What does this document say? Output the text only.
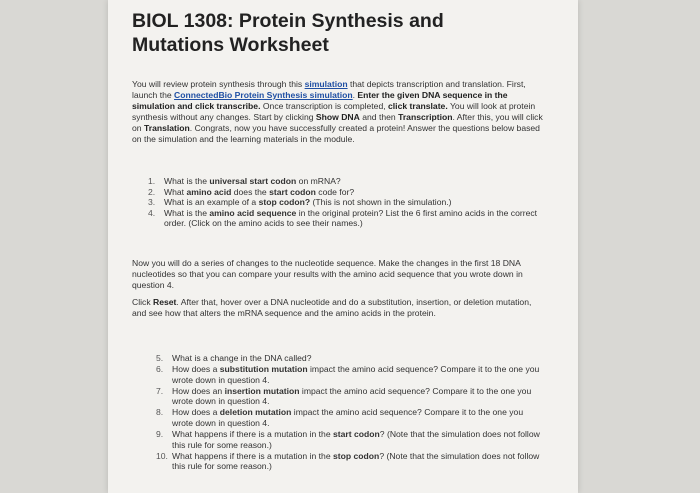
BIOL 1308: Protein Synthesis and
Mutations Worksheet
You will review protein synthesis through this simulation that depicts transcription and translation. First, launch the ConnectedBio Protein Synthesis simulation. Enter the given DNA sequence in the simulation and click transcribe. Once transcription is completed, click translate. You will look at protein synthesis without any changes. Start by clicking Show DNA and then Transcription. After this, you will click on Translation. Congrats, now you have successfully created a protein! Answer the questions below based on the simulation and the learning materials in the module.
1. What is the universal start codon on mRNA?
2. What amino acid does the start codon code for?
3. What is an example of a stop codon? (This is not shown in the simulation.)
4. What is the amino acid sequence in the original protein? List the 6 first amino acids in the correct order. (Click on the amino acids to see their names.)
Now you will do a series of changes to the nucleotide sequence. Make the changes in the first 18 DNA nucleotides so that you can compare your results with the amino acid sequence that you wrote down in question 4.
Click Reset. After that, hover over a DNA nucleotide and do a substitution, insertion, or deletion mutation, and see how that alters the mRNA sequence and the amino acids in the protein.
5. What is a change in the DNA called?
6. How does a substitution mutation impact the amino acid sequence? Compare it to the one you wrote down in question 4.
7. How does an insertion mutation impact the amino acid sequence? Compare it to the one you wrote down in question 4.
8. How does a deletion mutation impact the amino acid sequence? Compare it to the one you wrote down in question 4.
9. What happens if there is a mutation in the start codon? (Note that the simulation does not follow this rule for some reason.)
10. What happens if there is a mutation in the stop codon? (Note that the simulation does not follow this rule for some reason.)
